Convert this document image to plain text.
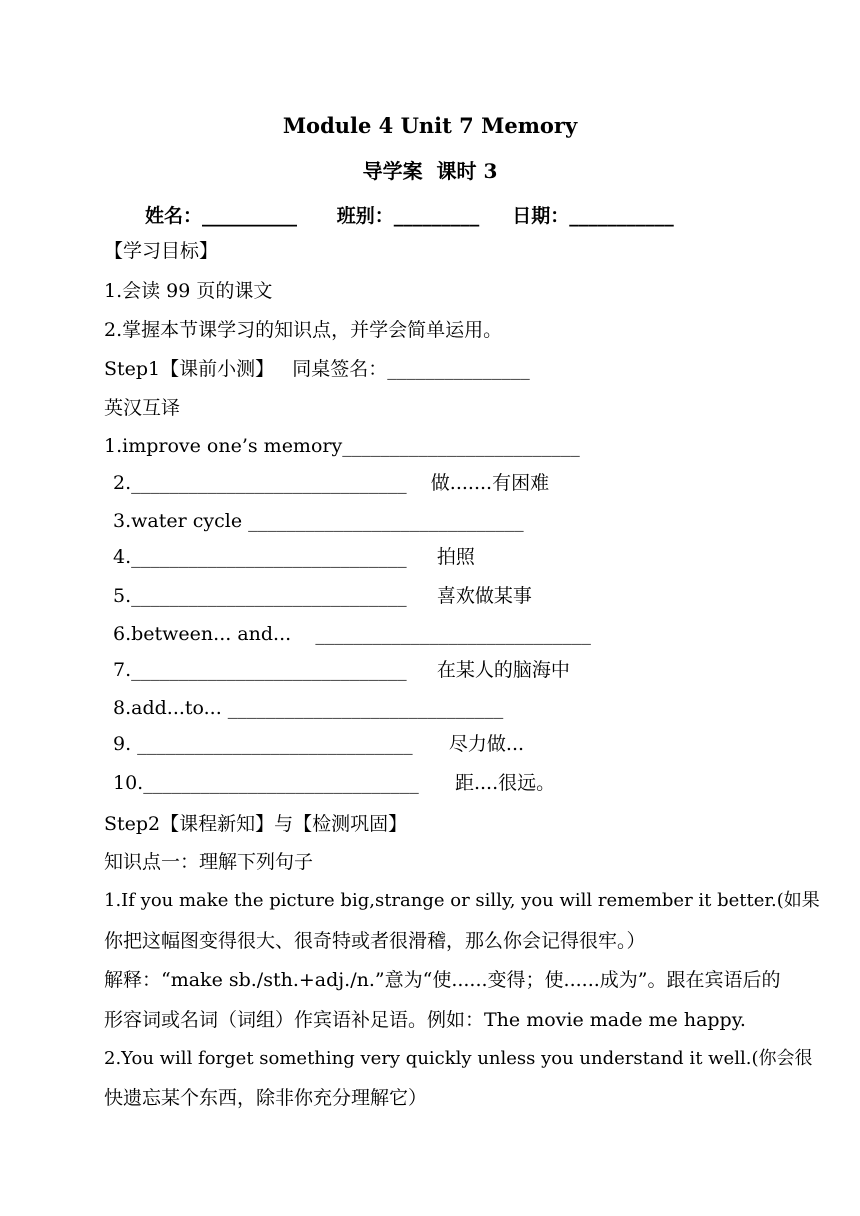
Module 4 Unit 7 Memory
导学案  课时 3
姓名：__________      班别：_________     日期：___________
【学习目标】
1.会读 99 页的课文
2.掌握本节课学习的知识点，并学会简单运用。
Step1【课前小测】   同桌签名：_______________
英汉互译
1.improve one’s memory_________________________
2._____________________________    做.......有困难
3.water cycle _____________________________
4._____________________________     拍照
5._____________________________     喜欢做某事
6.between... and...    _____________________________
7._____________________________     在某人的脑海中
8.add...to... _____________________________
9. _____________________________      尽力做...
10._____________________________      距....很远。
Step2【课程新知】与【检测巩固】
知识点一：理解下列句子
1.If you make the picture big,strange or silly, you will remember it better.(如果
你把这幅图变得很大、很奇特或者很滑稽，那么你会记得很牢。）
解释：“make sb./sth.+adj./n.”意为“使......变得；使......成为”。跟在宾语后的
形容词或名词（词组）作宾语补足语。例如：The movie made me happy.
2.You will forget something very quickly unless you understand it well.(你会很
快遗忘某个东西，除非你充分理解它）
